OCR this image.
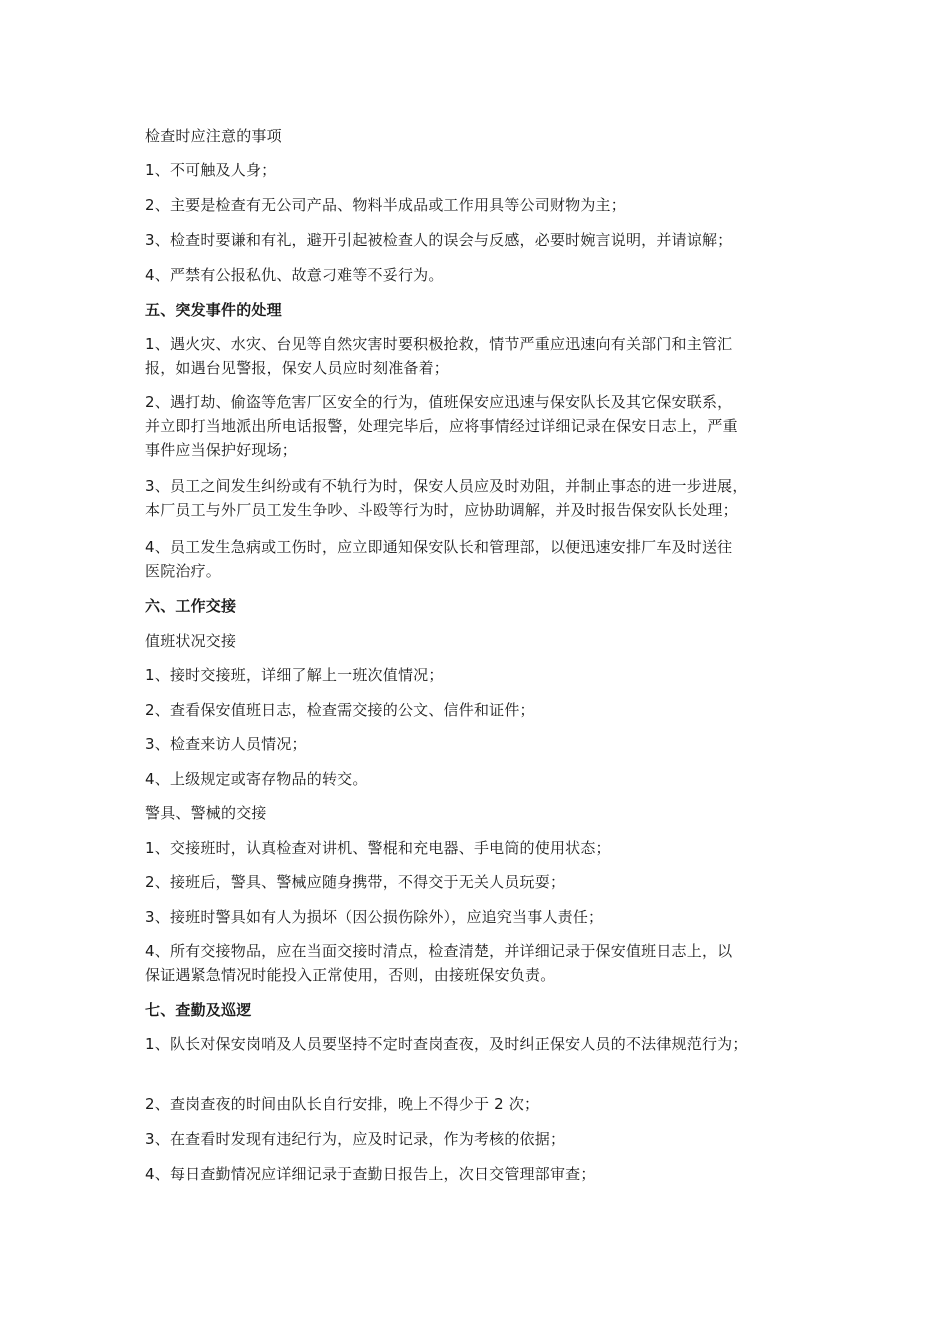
检查时应注意的事项
1、不可触及人身；
2、主要是检查有无公司产品、物料半成品或工作用具等公司财物为主；
3、检查时要谦和有礼，避开引起被检查人的误会与反感，必要时婉言说明，并请谅解；
4、严禁有公报私仇、故意刁难等不妥行为。
五、突发事件的处理
1、遇火灾、水灾、台见等自然灾害时要积极抢救，情节严重应迅速向有关部门和主管汇
报，如遇台见警报，保安人员应时刻准备着；
2、遇打劫、偷盗等危害厂区安全的行为，值班保安应迅速与保安队长及其它保安联系，
并立即打当地派出所电话报警，处理完毕后，应将事情经过详细记录在保安日志上，严重
事件应当保护好现场；
3、员工之间发生纠纷或有不轨行为时，保安人员应及时劝阻，并制止事态的进一步进展，
本厂员工与外厂员工发生争吵、斗殴等行为时，应协助调解，并及时报告保安队长处理；
4、员工发生急病或工伤时，应立即通知保安队长和管理部，以便迅速安排厂车及时送往
医院治疗。
六、工作交接
值班状况交接
1、接时交接班，详细了解上一班次值情况；
2、查看保安值班日志，检查需交接的公文、信件和证件；
3、检查来访人员情况；
4、上级规定或寄存物品的转交。
警具、警械的交接
1、交接班时，认真检查对讲机、警棍和充电器、手电筒的使用状态；
2、接班后，警具、警械应随身携带，不得交于无关人员玩耍；
3、接班时警具如有人为损坏（因公损伤除外），应追究当事人责任；
4、所有交接物品，应在当面交接时清点，检查清楚，并详细记录于保安值班日志上，以
保证遇紧急情况时能投入正常使用，否则，由接班保安负责。
七、查勤及巡逻
1、队长对保安岗哨及人员要坚持不定时查岗查夜，及时纠正保安人员的不法律规范行为；
2、查岗查夜的时间由队长自行安排，晚上不得少于 2 次；
3、在查看时发现有违纪行为，应及时记录，作为考核的依据；
4、每日查勤情况应详细记录于查勤日报告上，次日交管理部审查；
